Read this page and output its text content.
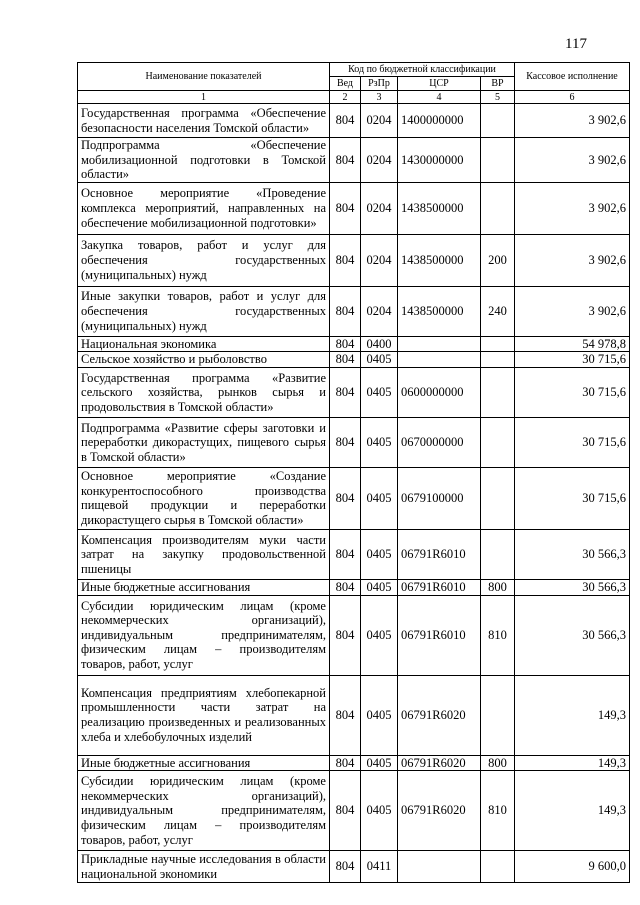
117
Наименование показателей	Код по бюджетной классификации				Кассовое исполнение
	Вед	РзПр	ЦСР	ВР	
1	2	3	4	5	6
Государственная программа «Обеспечение безопасности населения Томской области»	804	0204	1400000000		3 902,6
Подпрограмма «Обеспечение мобилизационной подготовки в Томской области»	804	0204	1430000000		3 902,6
Основное мероприятие «Проведение комплекса мероприятий, направленных на обеспечение мобилизационной подготовки»	804	0204	1438500000		3 902,6
Закупка товаров, работ и услуг для обеспечения государственных (муниципальных) нужд	804	0204	1438500000	200	3 902,6
Иные закупки товаров, работ и услуг для обеспечения государственных (муниципальных) нужд	804	0204	1438500000	240	3 902,6
Национальная экономика	804	0400			54 978,8
Сельское хозяйство и рыболовство	804	0405			30 715,6
Государственная программа «Развитие сельского хозяйства, рынков сырья и продовольствия в Томской области»	804	0405	0600000000		30 715,6
Подпрограмма «Развитие сферы заготовки и переработки дикорастущих, пищевого сырья в Томской области»	804	0405	0670000000		30 715,6
Основное мероприятие «Создание конкурентоспособного производства пищевой продукции и переработки дикорастущего сырья в Томской области»	804	0405	0679100000		30 715,6
Компенсация производителям муки части затрат на закупку продовольственной пшеницы	804	0405	06791R6010		30 566,3
Иные бюджетные ассигнования	804	0405	06791R6010	800	30 566,3
Субсидии юридическим лицам (кроме некоммерческих организаций), индивидуальным предпринимателям, физическим лицам – производителям товаров, работ, услуг	804	0405	06791R6010	810	30 566,3
Компенсация предприятиям хлебопекарной промышленности части затрат на реализацию произведенных и реализованных хлеба и хлебобулочных изделий	804	0405	06791R6020		149,3
Иные бюджетные ассигнования	804	0405	06791R6020	800	149,3
Субсидии юридическим лицам (кроме некоммерческих организаций), индивидуальным предпринимателям, физическим лицам – производителям товаров, работ, услуг	804	0405	06791R6020	810	149,3
Прикладные научные исследования в области национальной экономики	804	0411			9 600,0
